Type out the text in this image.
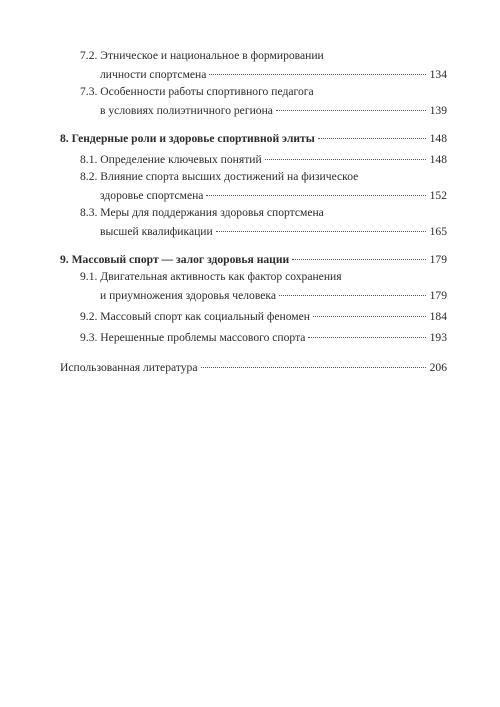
7.2.
Этническое и национальное в формировании
личности спортсмена	134
7.3.
Особенности работы спортивного педагога
в условиях полиэтничного региона	139
8.
Гендерные роли и здоровье спортивной элиты	148
8.1.
Определение ключевых понятий	148
8.2.
Влияние спорта высших достижений на физическое
здоровье спортсмена	152
8.3.
Меры для поддержания здоровья спортсмена
высшей квалификации	165
9.
Массовый спорт — залог здоровья нации	179
9.1.
Двигательная активность как фактор сохранения
и приумножения здоровья человека	179
9.2.
Массовый спорт как социальный феномен	184
9.3.
Нерешенные проблемы массового спорта	193
Использованная литература	206
